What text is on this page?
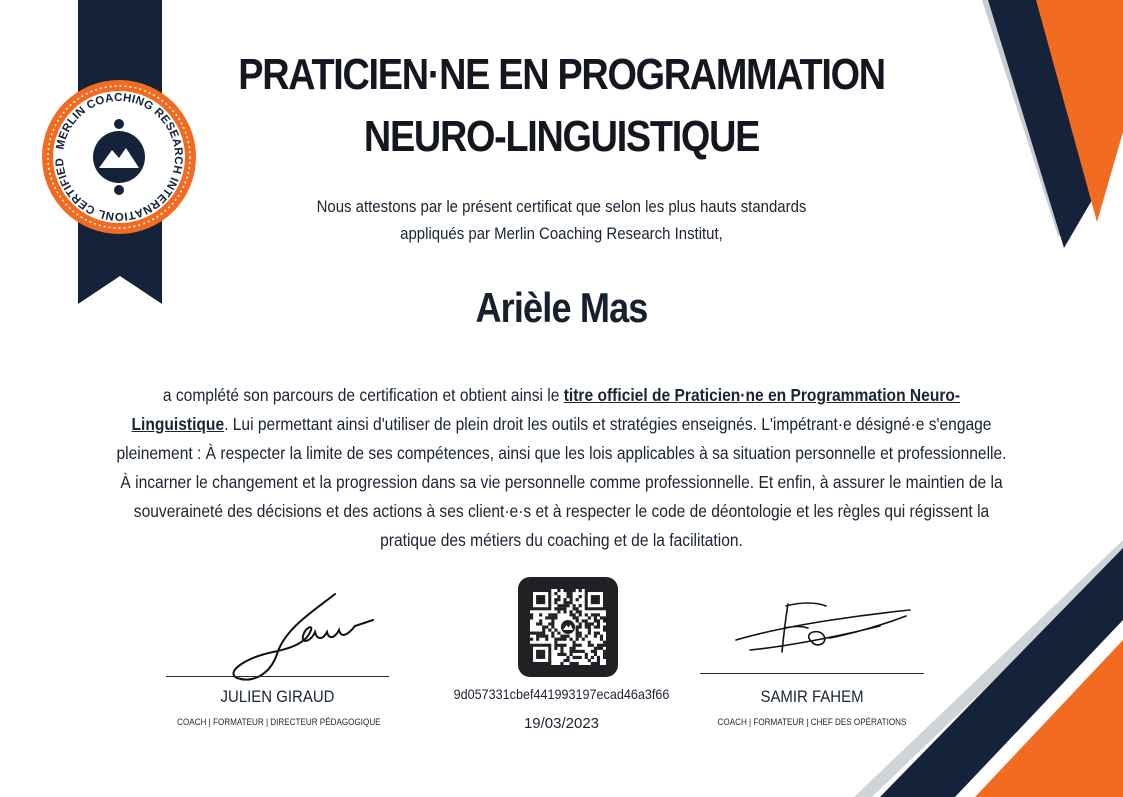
MERLIN COACHING RESEARCH INTERNATIONL CERTIFIED
PRATICIEN·NE EN PROGRAMMATION
NEURO-LINGUISTIQUE
Nous attestons par le présent certificat que selon les plus hauts standards
appliqués par Merlin Coaching Research Institut,
Arièle Mas
a complété son parcours de certification et obtient ainsi le titre officiel de Praticien·ne en Programmation Neuro-Linguistique. Lui permettant ainsi d'utiliser de plein droit les outils et stratégies enseignés. L'impétrant·e désigné·e s'engage pleinement : À respecter la limite de ses compétences, ainsi que les lois applicables à sa situation personnelle et professionnelle. À incarner le changement et la progression dans sa vie personnelle comme professionnelle. Et enfin, à assurer le maintien de la souveraineté des décisions et des actions à ses client·e·s et à respecter le code de déontologie et les règles qui régissent la pratique des métiers du coaching et de la facilitation.
JULIEN GIRAUD
COACH | FORMATEUR | DIRECTEUR PÉDAGOGIQUE
9d057331cbef441993197ecad46a3f66
19/03/2023
SAMIR FAHEM
COACH | FORMATEUR | CHEF DES OPÉRATIONS
